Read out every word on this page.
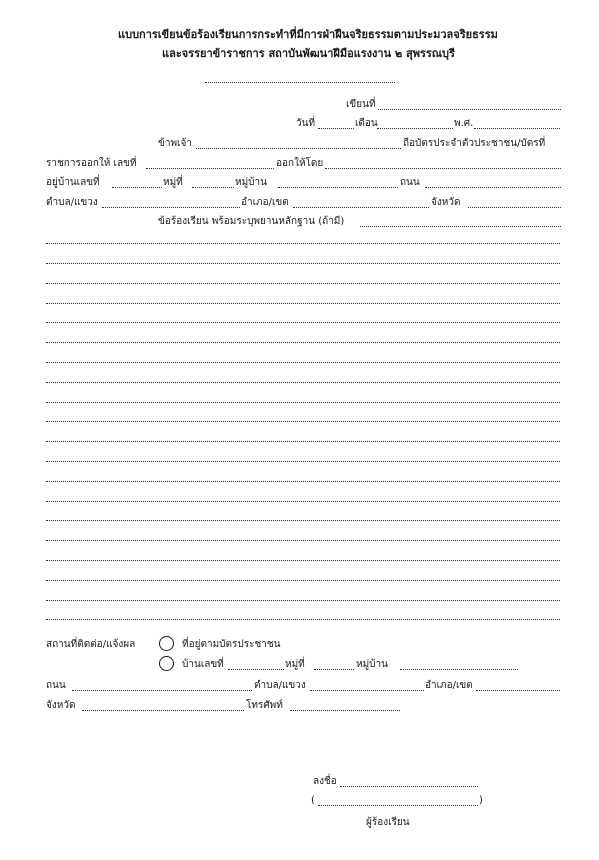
แบบการเขียนข้อร้องเรียนการกระทำที่มีการฝ่าฝืนจริยธรรมตามประมวลจริยธรรม
และจรรยาข้าราชการ สถาบันพัฒนาฝีมือแรงงาน ๒ สุพรรณบุรี
เขียนที่
วันที่	เดือน	พ.ศ.
ข้าพเจ้า	ถือบัตรประจำตัวประชาชน/บัตรที่
ราชการออกให้ เลขที่	ออกให้โดย
อยู่บ้านเลขที่	หมู่ที่	หมู่บ้าน	ถนน
ตำบล/แขวง	อำเภอ/เขต	จังหวัด
ข้อร้องเรียน พร้อมระบุพยานหลักฐาน (ถ้ามี)
สถานที่ติดต่อ/แจ้งผล	ที่อยู่ตามบัตรประชาชน
บ้านเลขที่	หมู่ที่	หมู่บ้าน
ถนน	ตำบล/แขวง	อำเภอ/เขต
จังหวัด	โทรศัพท์
ลงชื่อ
(	)
ผู้ร้องเรียน
